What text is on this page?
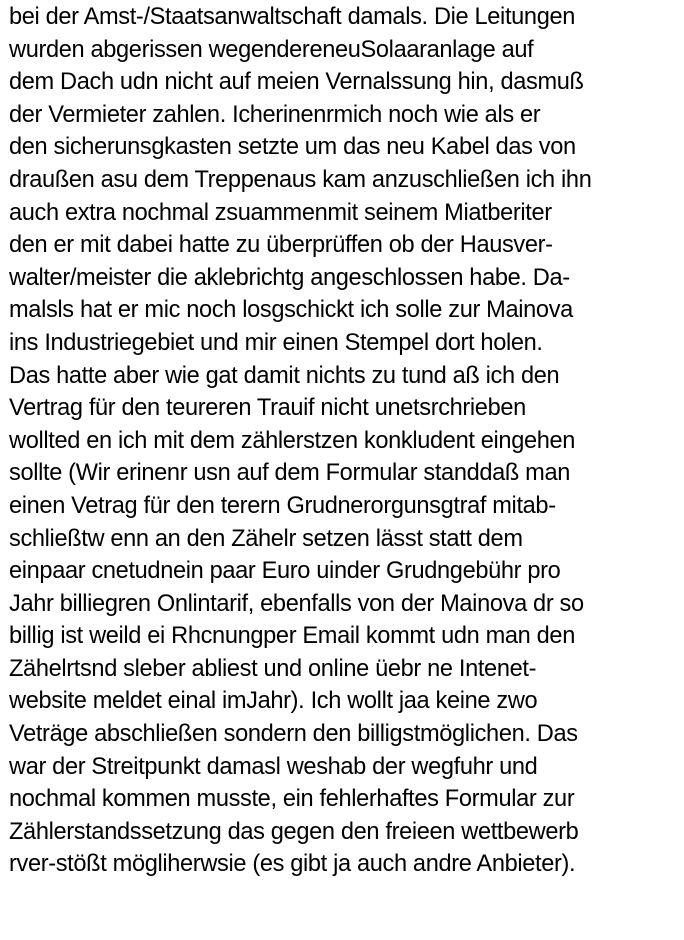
bei der Amst-/Staatsanwaltschaft damals. Die Leitungen
wurden abgerissen wegendereneuSolaaranlage auf
dem Dach udn nicht auf meien Vernalssung hin, dasmuß
der Vermieter zahlen. Icherinenrmich noch wie als er
den sicherunsgkasten setzte um das neu Kabel das von
draußen asu dem Treppenaus kam anzuschließen ich ihn
auch extra nochmal zsuammenmit seinem Miatberiter
den er mit dabei hatte zu überprüffen ob der Hausver-
walter/meister die aklebrichtg angeschlossen habe. Da-
malsls hat er mic noch losgschickt ich solle zur Mainova
ins Industriegebiet und mir einen Stempel dort holen.
Das hatte aber wie gat damit nichts zu tund aß ich den
Vertrag für den teureren Trauif nicht unetsrchrieben
wollted en ich mit dem zählerstzen konkludent eingehen
sollte (Wir erinenr usn auf dem Formular standdaß man
einen Vetrag für den terern Grudnerorgunsgtraf mitab-
schließtw enn an den Zähelr setzen lässt statt dem
einpaar cnetudnein paar Euro uinder Grudngebühr pro
Jahr billiegren Onlintarif, ebenfalls von der Mainova dr so
billig ist weild ei Rhcnungper Email kommt udn man den
Zähelrtsnd sleber abliest und online üebr ne Intenet-
website meldet einal imJahr). Ich wollt jaa keine zwo
Veträge abschließen sondern den billigstmöglichen. Das
war der Streitpunkt damasl weshab der wegfuhr und
nochmal kommen musste, ein fehlerhaftes Formular zur
Zählerstandssetzung das gegen den freieen wettbewerb
rver-stößt mögliherwsie (es gibt ja auch andre Anbieter).
